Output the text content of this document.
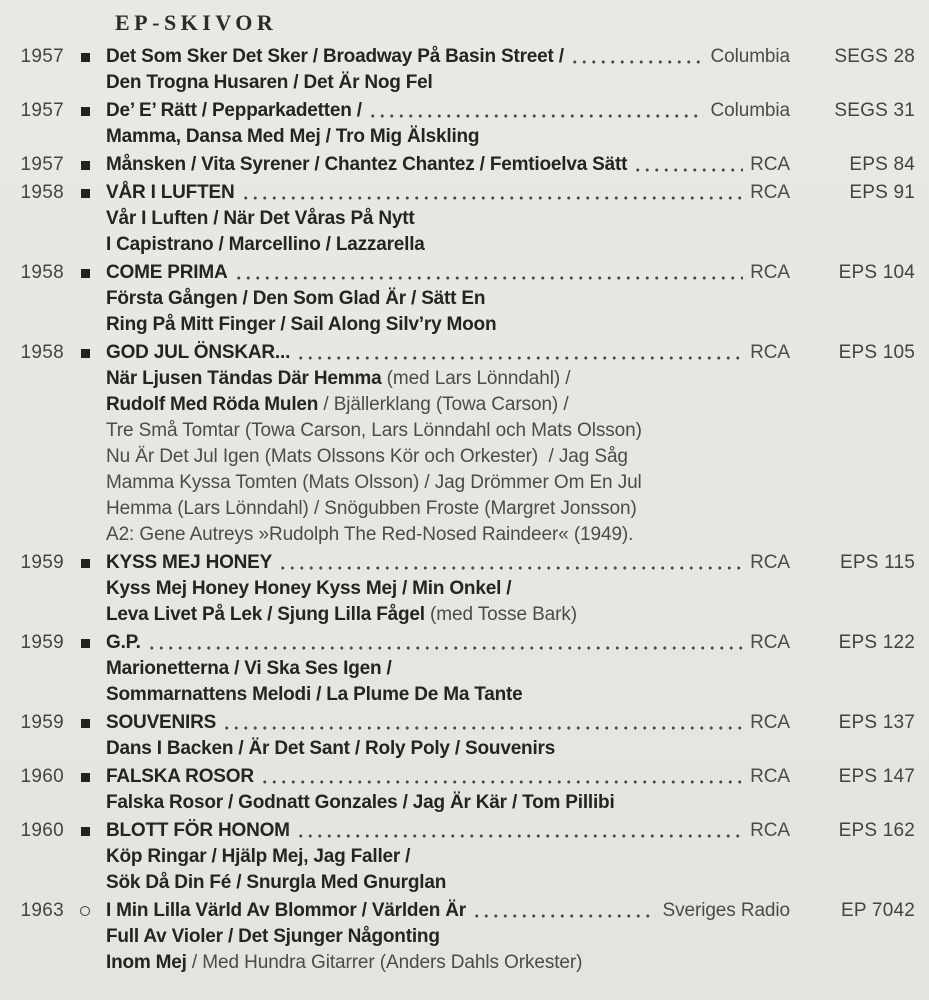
EP-SKIVOR
1957 Det Som Sker Det Sker / Broadway På Basin Street /	Columbia	SEGS 28
Den Trogna Husaren / Det Är Nog Fel
1957 De’ E’ Rätt / Pepparkadetten /	Columbia	SEGS 31
Mamma, Dansa Med Mej / Tro Mig Älskling
1957 Månsken / Vita Syrener / Chantez Chantez / Femtioelva Sätt	RCA	EPS 84
1958 VÅR I LUFTEN	RCA	EPS 91
Vår I Luften / När Det Våras På Nytt
I Capistrano / Marcellino / Lazzarella
1958 COME PRIMA	RCA	EPS 104
Första Gången / Den Som Glad Är / Sätt En
Ring På Mitt Finger / Sail Along Silv’ry Moon
1958 GOD JUL ÖNSKAR...	RCA	EPS 105
När Ljusen Tändas Där Hemma (med Lars Lönndahl) /
Rudolf Med Röda Mulen / Bjällerklang (Towa Carson) /
Tre Små Tomtar (Towa Carson, Lars Lönndahl och Mats Olsson)
Nu Är Det Jul Igen (Mats Olssons Kör och Orkester)  / Jag Såg
Mamma Kyssa Tomten (Mats Olsson) / Jag Drömmer Om En Jul
Hemma (Lars Lönndahl) / Snögubben Froste (Margret Jonsson)
A2: Gene Autreys »Rudolph The Red-Nosed Raindeer« (1949).
1959 KYSS MEJ HONEY	RCA	EPS 115
Kyss Mej Honey Honey Kyss Mej / Min Onkel /
Leva Livet På Lek / Sjung Lilla Fågel (med Tosse Bark)
1959 G.P.	RCA	EPS 122
Marionetterna / Vi Ska Ses Igen /
Sommarnattens Melodi / La Plume De Ma Tante
1959 SOUVENIRS	RCA	EPS 137
Dans I Backen / Är Det Sant / Roly Poly / Souvenirs
1960 FALSKA ROSOR	RCA	EPS 147
Falska Rosor / Godnatt Gonzales / Jag Är Kär / Tom Pillibi
1960 BLOTT FÖR HONOM	RCA	EPS 162
Köp Ringar / Hjälp Mej, Jag Faller /
Sök Då Din Fé / Snurgla Med Gnurglan
1963 I Min Lilla Värld Av Blommor / Världen Är	Sveriges Radio	EP 7042
Full Av Violer / Det Sjunger Någonting
Inom Mej / Med Hundra Gitarrer (Anders Dahls Orkester)
